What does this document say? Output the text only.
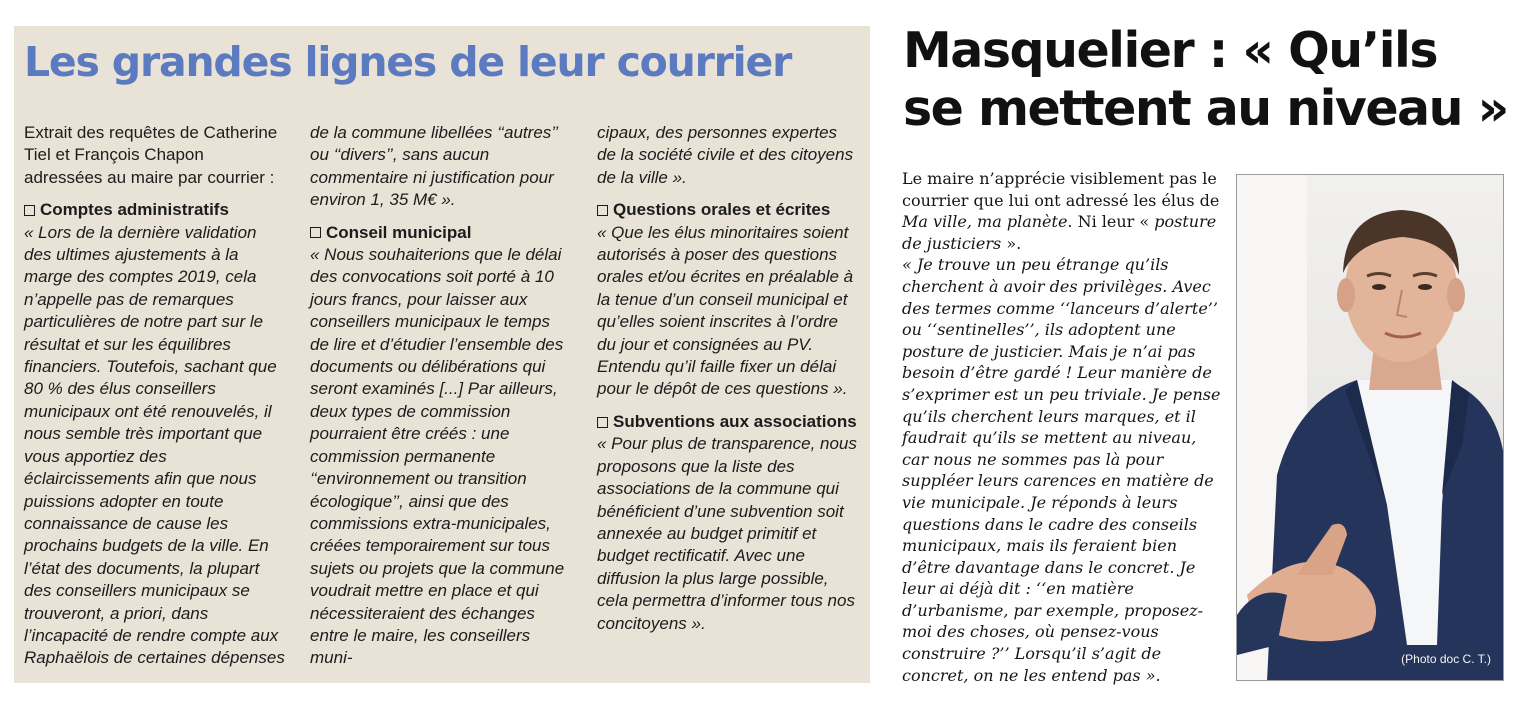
Les grandes lignes de leur courrier

Extrait des requêtes de Catherine Tiel et François Chapon adressées au maire par courrier :

Comptes administratifs

« Lors de la dernière validation des ultimes ajustements à la marge des comptes 2019, cela n’appelle pas de remarques particulières de notre part sur le résultat et sur les équilibres financiers. Toutefois, sachant que 80 % des élus conseillers municipaux ont été renouvelés, il nous semble très important que vous apportiez des éclaircissements afin que nous puissions adopter en toute connaissance de cause les prochains budgets de la ville. En l’état des documents, la plupart des conseillers municipaux se trouveront, a priori, dans l’incapacité de rendre compte aux Raphaëlois de certaines dépenses

de la commune libellées ‘‘autres’’ ou ‘‘divers’’, sans aucun commentaire ni justification pour environ 1, 35 M€ ».

Conseil municipal

« Nous souhaiterions que le délai des convocations soit porté à 10 jours francs, pour laisser aux conseillers municipaux le temps de lire et d’étudier l’ensemble des documents ou délibérations qui seront examinés [...] Par ailleurs, deux types de commission pourraient être créés : une commission permanente ‘‘environnement ou transition écologique’’, ainsi que des commissions extra-municipales, créées temporairement sur tous sujets ou projets que la commune voudrait mettre en place et qui nécessiteraient des échanges entre le maire, les conseillers muni-

cipaux, des personnes expertes de la société civile et des citoyens de la ville ».

Questions orales et écrites

« Que les élus minoritaires soient autorisés à poser des questions orales et/ou écrites en préalable à la tenue d’un conseil municipal et qu’elles soient inscrites à l’ordre du jour et consignées au PV. Entendu qu’il faille fixer un délai pour le dépôt de ces questions ».

Subventions aux associations

« Pour plus de transparence, nous proposons que la liste des associations de la commune qui bénéficient d’une subvention soit annexée au budget primitif et budget rectificatif. Avec une diffusion la plus large possible, cela permettra d’informer tous nos concitoyens ».

Masquelier : « Qu’ils
se mettent au niveau »

Le maire n’apprécie visiblement pas le courrier que lui ont adressé les élus de Ma ville, ma planète. Ni leur « posture de justiciers ».

« Je trouve un peu étrange qu’ils cherchent à avoir des privilèges. Avec des termes comme ‘‘lanceurs d’alerte’’ ou ‘‘sentinelles’’, ils adoptent une posture de justicier. Mais je n’ai pas besoin d’être gardé ! Leur manière de s’exprimer est un peu triviale. Je pense qu’ils cherchent leurs marques, et il faudrait qu’ils se mettent au niveau, car nous ne sommes pas là pour suppléer leurs carences en matière de vie municipale. Je réponds à leurs questions dans le cadre des conseils municipaux, mais ils feraient bien d’être davantage dans le concret. Je leur ai déjà dit : ‘‘en matière d’urbanisme, par exemple, proposez-moi des choses, où pensez-vous construire ?’’ Lorsqu’il s’agit de concret, on ne les entend pas ».

(Photo doc C. T.)
